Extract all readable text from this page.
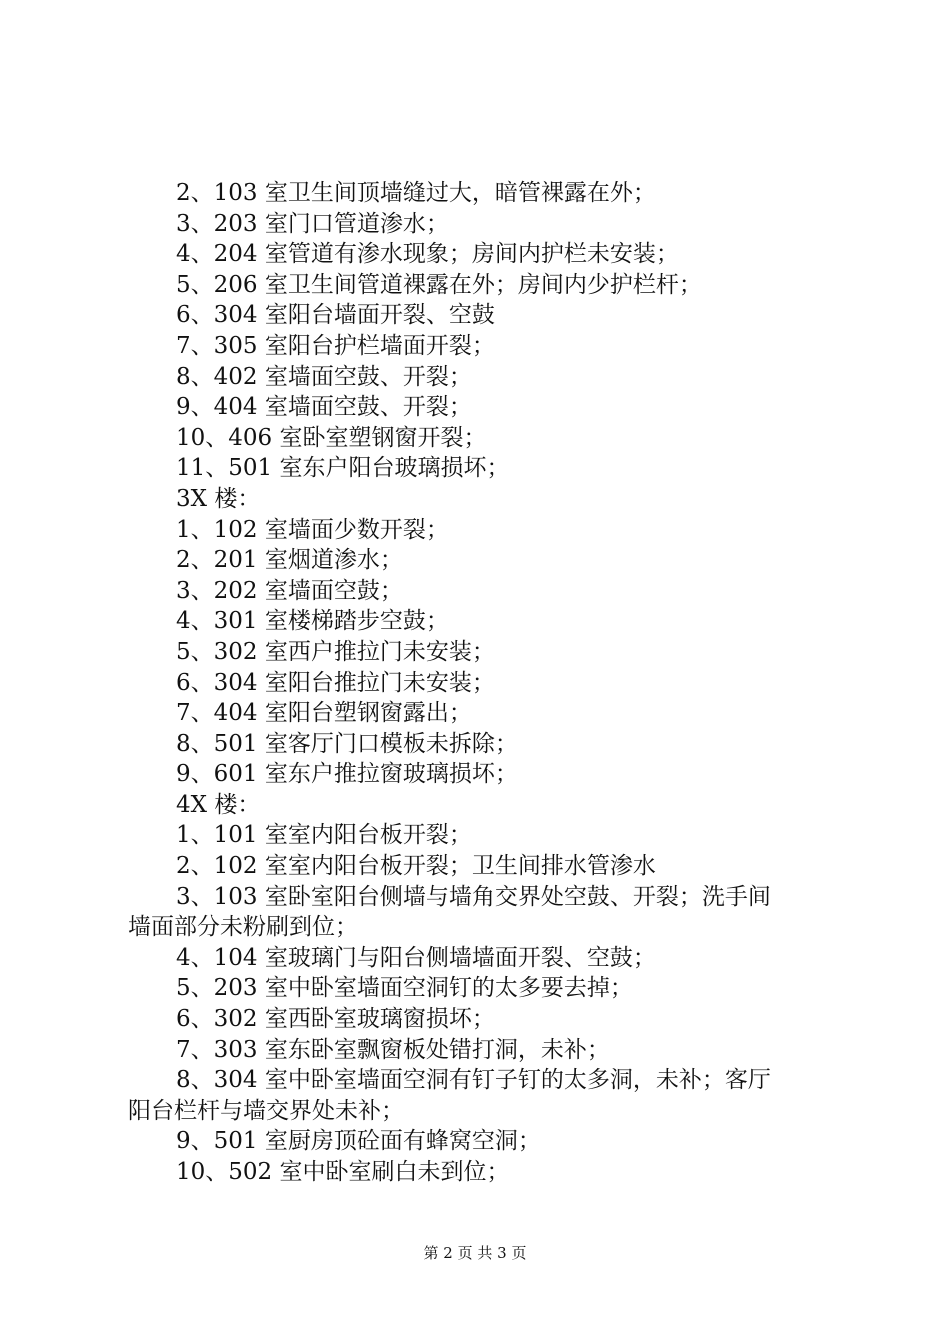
2、103 室卫生间顶墙缝过大，暗管裸露在外；
3、203 室门口管道渗水；
4、204 室管道有渗水现象；房间内护栏未安装；
5、206 室卫生间管道裸露在外；房间内少护栏杆；
6、304 室阳台墙面开裂、空鼓
7、305 室阳台护栏墙面开裂；
8、402 室墙面空鼓、开裂；
9、404 室墙面空鼓、开裂；
10、406 室卧室塑钢窗开裂；
11、501 室东户阳台玻璃损坏；
3X 楼：
1、102 室墙面少数开裂；
2、201 室烟道渗水；
3、202 室墙面空鼓；
4、301 室楼梯踏步空鼓；
5、302 室西户推拉门未安装；
6、304 室阳台推拉门未安装；
7、404 室阳台塑钢窗露出；
8、501 室客厅门口模板未拆除；
9、601 室东户推拉窗玻璃损坏；
4X 楼：
1、101 室室内阳台板开裂；
2、102 室室内阳台板开裂；卫生间排水管渗水
3、103 室卧室阳台侧墙与墙角交界处空鼓、开裂；洗手间
墙面部分未粉刷到位；
4、104 室玻璃门与阳台侧墙墙面开裂、空鼓；
5、203 室中卧室墙面空洞钉的太多要去掉；
6、302 室西卧室玻璃窗损坏；
7、303 室东卧室飘窗板处错打洞，未补；
8、304 室中卧室墙面空洞有钉子钉的太多洞，未补；客厅
阳台栏杆与墙交界处未补；
9、501 室厨房顶砼面有蜂窝空洞；
10、502 室中卧室刷白未到位；
第 2 页 共 3 页
